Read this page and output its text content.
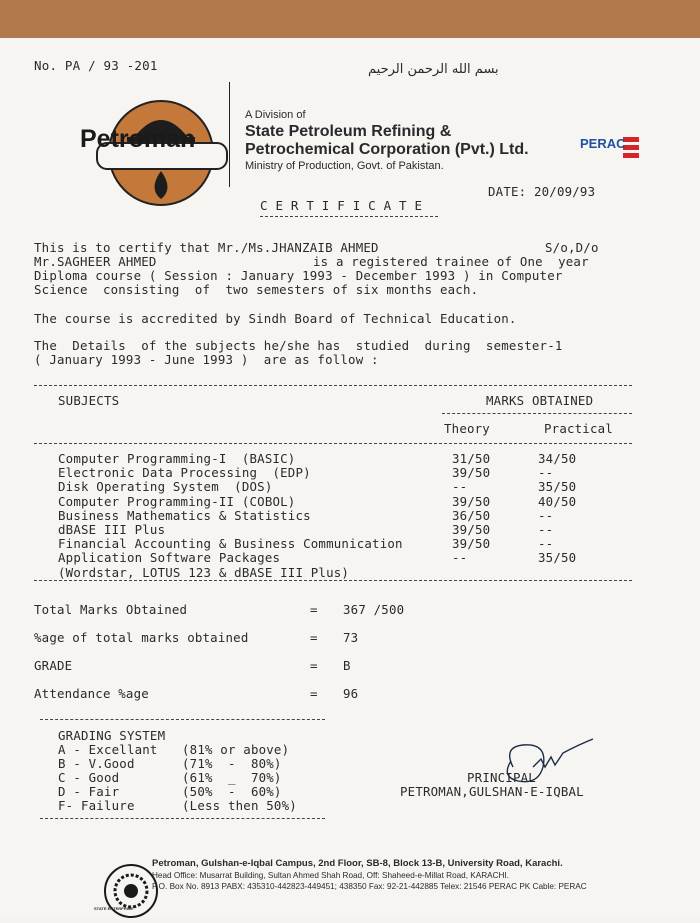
No. PA / 93 -201	بسم الله الرحمن الرحيم

Petroman
A Division of
State Petroleum Refining &
Petrochemical Corporation (Pvt.) Ltd.
Ministry of Production, Govt. of Pakistan.

PERAC
DATE: 20/09/93
C E R T I F I C A T E
This is to certify that Mr./Ms.JHANZAIB AHMED	S/o,D/o
Mr.SAGHEER AHMED	is a registered trainee of One  year
Diploma course ( Session : January 1993 - December 1993 ) in Computer
Science  consisting  of  two semesters of six months each.
The course is accredited by Sindh Board of Technical Education.
The  Details  of the subjects he/she has  studied  during  semester-1
( January 1993 - June 1993 )  are as follow :
SUBJECTS	MARKS OBTAINED
Theory	Practical
Computer Programming-I  (BASIC)	31/50	34/50
Electronic Data Processing  (EDP)	39/50	--
Disk Operating System  (DOS)	--	35/50
Computer Programming-II (COBOL)	39/50	40/50
Business Mathematics & Statistics	36/50	--
dBASE III Plus	39/50	--
Financial Accounting & Business Communication	39/50	--
Application Software Packages	--	35/50
(Wordstar, LOTUS 123 & dBASE III Plus)
Total Marks Obtained	= 367 /500
%age of total marks obtained	= 73
GRADE	= B
Attendance %age	= 96
GRADING SYSTEM
A - Excellant (81% or above)
B - V.Good	(71%  -  80%)
C - Good	(61%  _  70%)
D - Fair	(50%  -  60%)
F- Failure	(Less then 50%)

PRINCIPAL
PETROMAN,GULSHAN-E-IQBAL

STATE ENTERPRISE
Petroman, Gulshan-e-Iqbal Campus, 2nd Floor, SB-8, Block 13-B, University Road, Karachi.
Head Office: Musarrat Building, Sultan Ahmed Shah Road, Off: Shaheed-e-Millat Road, KARACHI.
P.O. Box No. 8913 PABX: 435310-442823-449451; 438350 Fax: 92-21-442885 Telex: 21546 PERAC PK Cable: PERAC
